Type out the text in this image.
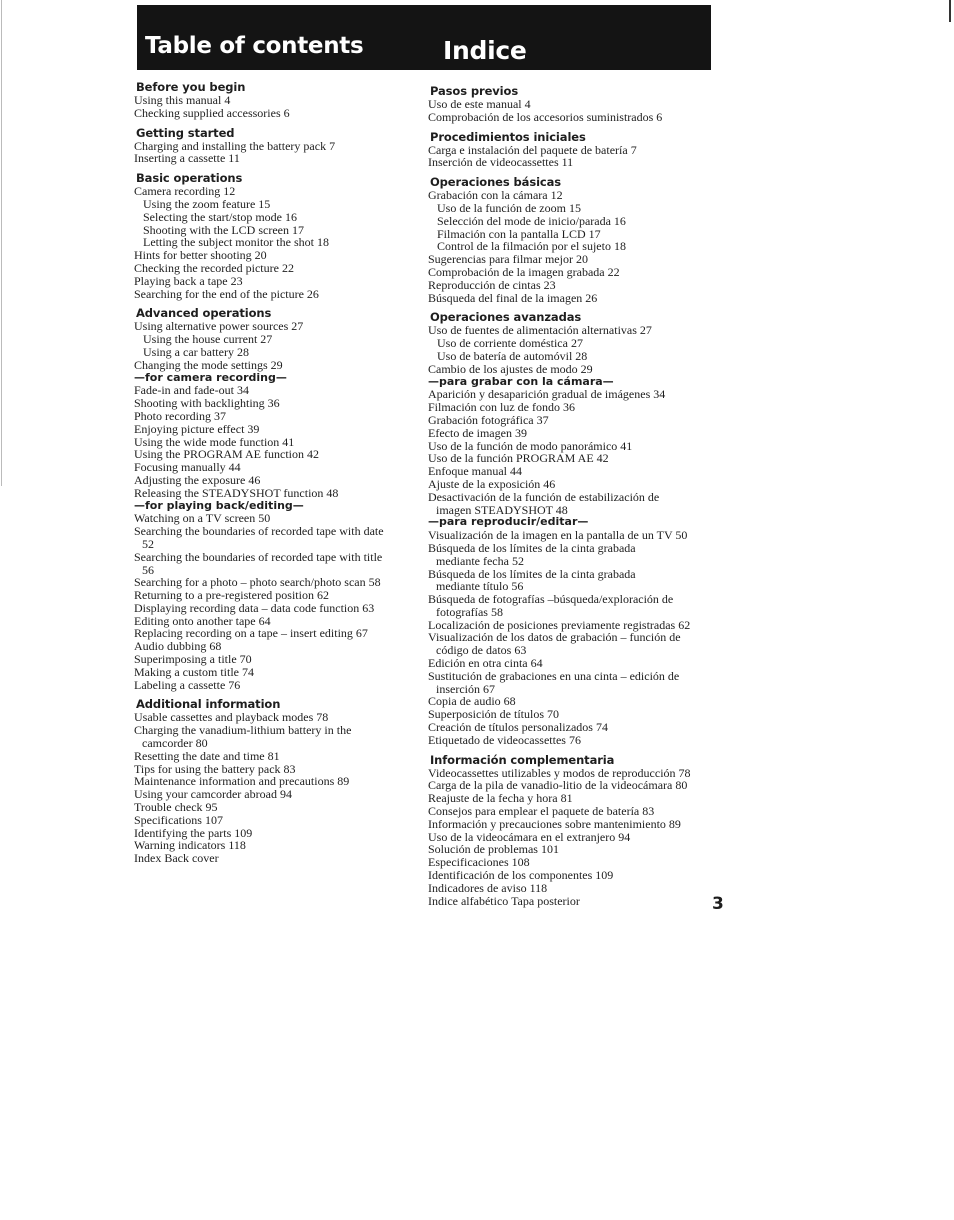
Table of contents	Indice
Before you begin
Using this manual 4
Checking supplied accessories 6
Getting started
Charging and installing the battery pack 7
Inserting a cassette 11
Basic operations
Camera recording 12
Using the zoom feature 15
Selecting the start/stop mode 16
Shooting with the LCD screen 17
Letting the subject monitor the shot 18
Hints for better shooting 20
Checking the recorded picture 22
Playing back a tape 23
Searching for the end of the picture 26
Advanced operations
Using alternative power sources 27
Using the house current 27
Using a car battery 28
Changing the mode settings 29
—for camera recording—
Fade-in and fade-out 34
Shooting with backlighting 36
Photo recording 37
Enjoying picture effect 39
Using the wide mode function 41
Using the PROGRAM AE function 42
Focusing manually 44
Adjusting the exposure 46
Releasing the STEADYSHOT function 48
—for playing back/editing—
Watching on a TV screen 50
Searching the boundaries of recorded tape with date
52
Searching the boundaries of recorded tape with title
56
Searching for a photo – photo search/photo scan 58
Returning to a pre-registered position 62
Displaying recording data – data code function 63
Editing onto another tape 64
Replacing recording on a tape – insert editing 67
Audio dubbing 68
Superimposing a title 70
Making a custom title 74
Labeling a cassette 76
Additional information
Usable cassettes and playback modes 78
Charging the vanadium-lithium battery in the
camcorder 80
Resetting the date and time 81
Tips for using the battery pack 83
Maintenance information and precautions 89
Using your camcorder abroad 94
Trouble check 95
Specifications 107
Identifying the parts 109
Warning indicators 118
Index Back cover
Pasos previos
Uso de este manual 4
Comprobación de los accesorios suministrados 6
Procedimientos iniciales
Carga e instalación del paquete de batería 7
Inserción de videocassettes 11
Operaciones básicas
Grabación con la cámara 12
Uso de la función de zoom 15
Selección del mode de inicio/parada 16
Filmación con la pantalla LCD 17
Control de la filmación por el sujeto 18
Sugerencias para filmar mejor 20
Comprobación de la imagen grabada 22
Reproducción de cintas 23
Búsqueda del final de la imagen 26
Operaciones avanzadas
Uso de fuentes de alimentación alternativas 27
Uso de corriente doméstica 27
Uso de batería de automóvil 28
Cambio de los ajustes de modo 29
—para grabar con la cámara—
Aparición y desaparición gradual de imágenes 34
Filmación con luz de fondo 36
Grabación fotográfica 37
Efecto de imagen 39
Uso de la función de modo panorámico 41
Uso de la función PROGRAM AE 42
Enfoque manual 44
Ajuste de la exposición 46
Desactivación de la función de estabilización de
imagen STEADYSHOT 48
—para reproducir/editar—
Visualización de la imagen en la pantalla de un TV 50
Búsqueda de los límites de la cinta grabada
mediante fecha 52
Búsqueda de los límites de la cinta grabada
mediante título 56
Búsqueda de fotografías –búsqueda/exploración de
fotografías 58
Localización de posiciones previamente registradas 62
Visualización de los datos de grabación – función de
código de datos 63
Edición en otra cinta 64
Sustitución de grabaciones en una cinta – edición de
inserción 67
Copia de audio 68
Superposición de títulos 70
Creación de títulos personalizados 74
Etiquetado de videocassettes 76
Información complementaria
Videocassettes utilizables y modos de reproducción 78
Carga de la pila de vanadio-litio de la videocámara 80
Reajuste de la fecha y hora 81
Consejos para emplear el paquete de batería 83
Información y precauciones sobre mantenimiento 89
Uso de la videocámara en el extranjero 94
Solución de problemas 101
Especificaciones 108
Identificación de los componentes 109
Indicadores de aviso 118
Indice alfabético Tapa posterior	3
